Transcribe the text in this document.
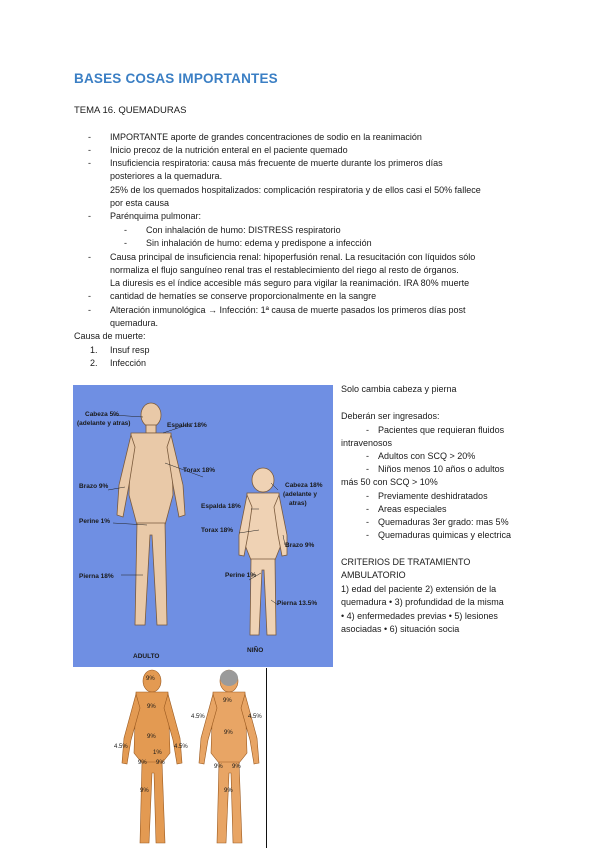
BASES COSAS IMPORTANTES

TEMA 16. QUEMADURAS

- IMPORTANTE aporte de grandes concentraciones de sodio en la reanimación
- Inicio precoz de la nutrición enteral en el paciente quemado
- Insuficiencia respiratoria: causa más frecuente de muerte durante los primeros días
posteriores a la quemadura.
25% de los quemados hospitalizados: complicación respiratoria y de ellos casi el 50% fallece
por esta causa
- Parénquima pulmonar:
- Con inhalación de humo: DISTRESS respiratorio
- Sin inhalación de humo: edema y predispone a infección
- Causa principal de insuficiencia renal: hipoperfusión renal. La resucitación con líquidos sólo
normaliza el flujo sanguíneo renal tras el restablecimiento del riego al resto de órganos.
La diuresis es el índice accesible más seguro para vigilar la reanimación. IRA 80% muerte
- cantidad de hematíes se conserve proporcionalmente en la sangre
- Alteración inmunológica → Infección: 1ª causa de muerte pasados los primeros días post
quemadura.
Causa de muerte:
1. Insuf resp
2. Infección
Cabeza 5%
(adelante y atras)	Espalda 18%
Torax 18%
Brazo 9%
Perine 1%
Pierna 18%
ADULTO
Cabeza 18%
(adelante y
atras)
Espalda 18%
Torax 18%
Brazo 9%
Perine 1%
Pierna 13.5%
NIÑO
9%
9%
9%
4.5%	4.5%
9% 9%
9%
1%
9%
4.5%	4.5%
9% 9%
9%	9%
Solo cambia cabeza y pierna
Deberán ser ingresados:
- Pacientes que requieran fluidos
intravenosos
- Adultos con SCQ > 20%
- Niños menos 10 años o adultos
más 50 con SCQ > 10%
- Previamente deshidratados
- Areas especiales
- Quemaduras 3er grado: mas 5%
- Quemaduras quimicas y electrica
CRITERIOS DE TRATAMIENTO
AMBULATORIO
1) edad del paciente 2) extensión de la
quemadura • 3) profundidad de la misma
• 4) enfermedades previas • 5) lesiones
asociadas • 6) situación socia
